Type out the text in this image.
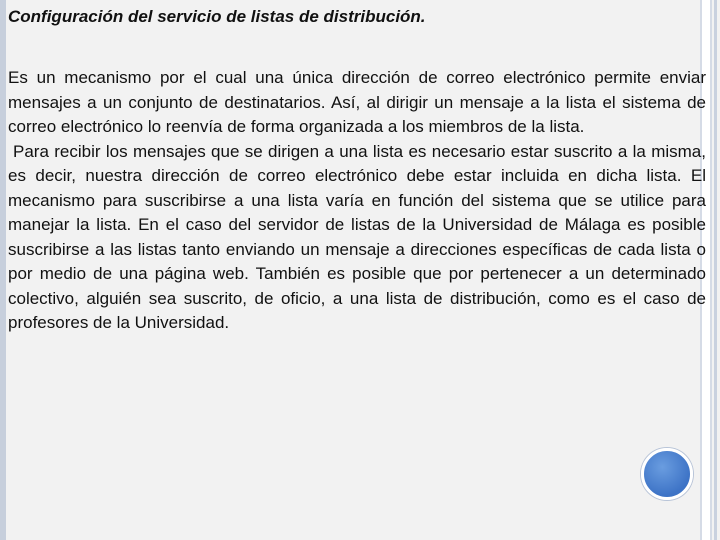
Configuración del servicio de listas de distribución.

Es un mecanismo por el cual una única dirección de correo electrónico permite enviar mensajes a un conjunto de destinatarios. Así, al dirigir un mensaje a la lista el sistema de correo electrónico lo reenvía de forma organizada a los miembros de la lista.

Para recibir los mensajes que se dirigen a una lista es necesario estar suscrito a la misma, es decir, nuestra dirección de correo electrónico debe estar incluida en dicha lista. El mecanismo para suscribirse a una lista varía en función del sistema que se utilice para manejar la lista. En el caso del servidor de listas de la Universidad de Málaga es posible suscribirse a las listas tanto enviando un mensaje a direcciones específicas de cada lista o por medio de una página web. También es posible que por pertenecer a un determinado colectivo, alguién sea suscrito, de oficio, a una lista de distribución, como es el caso de profesores de la Universidad.
